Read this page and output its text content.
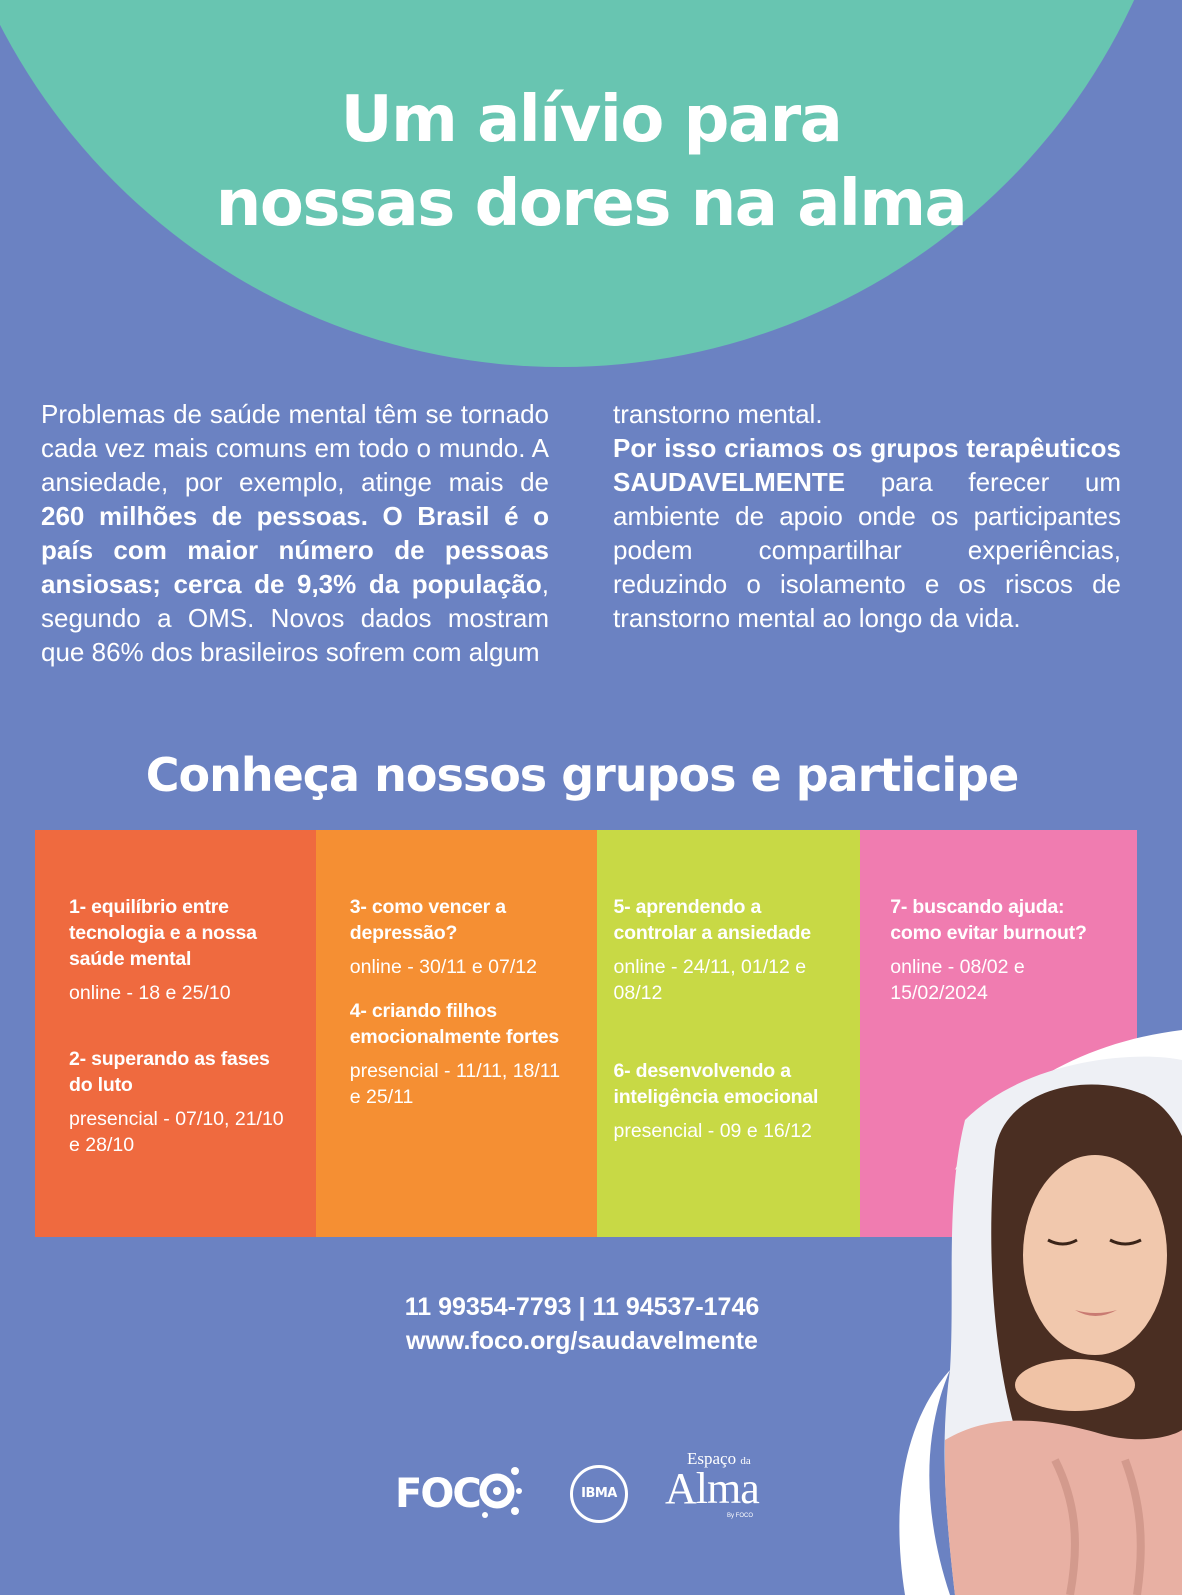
Um alívio para
nossas dores na alma

Problemas de saúde mental têm se tornado cada vez mais comuns em todo o mundo. A ansiedade, por exemplo, atinge mais de 260 milhões de pessoas. O Brasil é o país com maior número de pessoas ansiosas; cerca de 9,3% da população, segundo a OMS. Novos dados mostram que 86% dos brasileiros sofrem com algum

transtorno mental.
Por isso criamos os grupos terapêuticos SAUDAVELMENTE para ferecer um ambiente de apoio onde os participantes podem compartilhar experiências, reduzindo o isolamento e os riscos de transtorno mental ao longo da vida.

Conheça nossos grupos e participe

1- equilíbrio entre tecnologia e a nossa saúde mental

online - 18 e 25/10

2- superando as fases do luto

presencial - 07/10, 21/10 e 28/10

3- como vencer a depressão?

online - 30/11 e 07/12

4- criando filhos emocionalmente fortes

presencial - 11/11, 18/11 e 25/11

5- aprendendo a controlar a ansiedade

online - 24/11, 01/12 e 08/12

6- desenvolvendo a inteligência emocional

presencial - 09 e 16/12

7- buscando ajuda: como evitar burnout?

online - 08/02 e 15/02/2024

11 99354-7793 | 11 94537-1746
www.foco.org/saudavelmente
FOC	IBMA
Espaço da
Alma
By FOCO
